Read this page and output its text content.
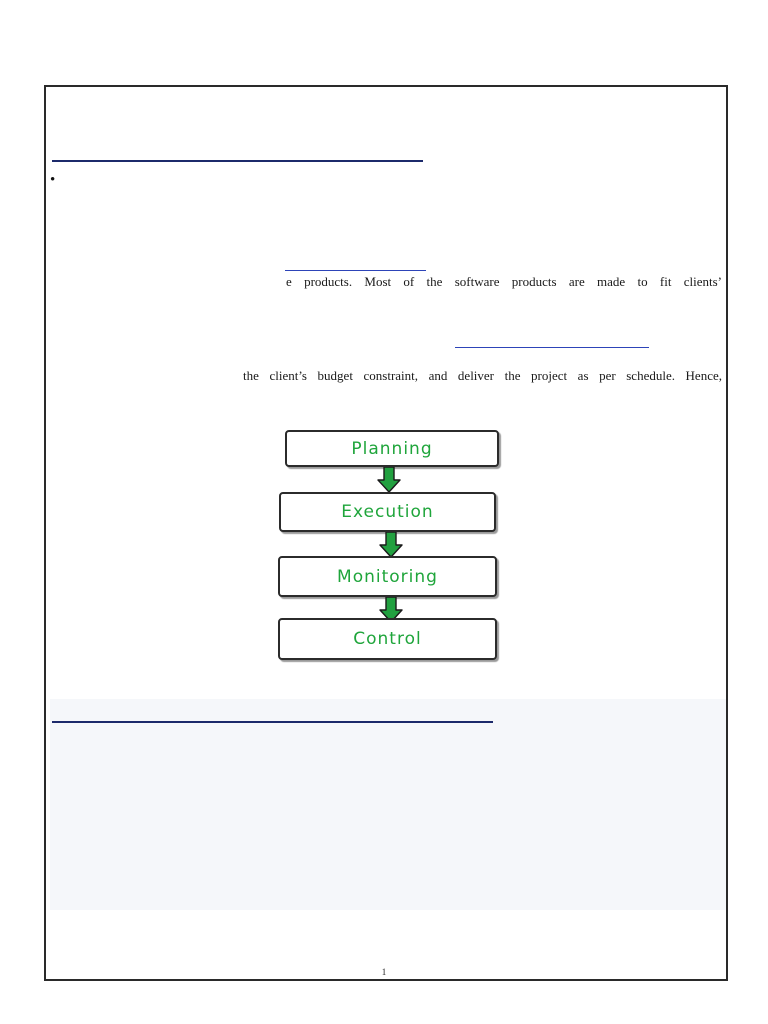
•
e products. Most of the software products are made to fit clients’
the client’s budget constraint, and deliver the project as per schedule. Hence,
Planning
Execution
Monitoring
Control
1
